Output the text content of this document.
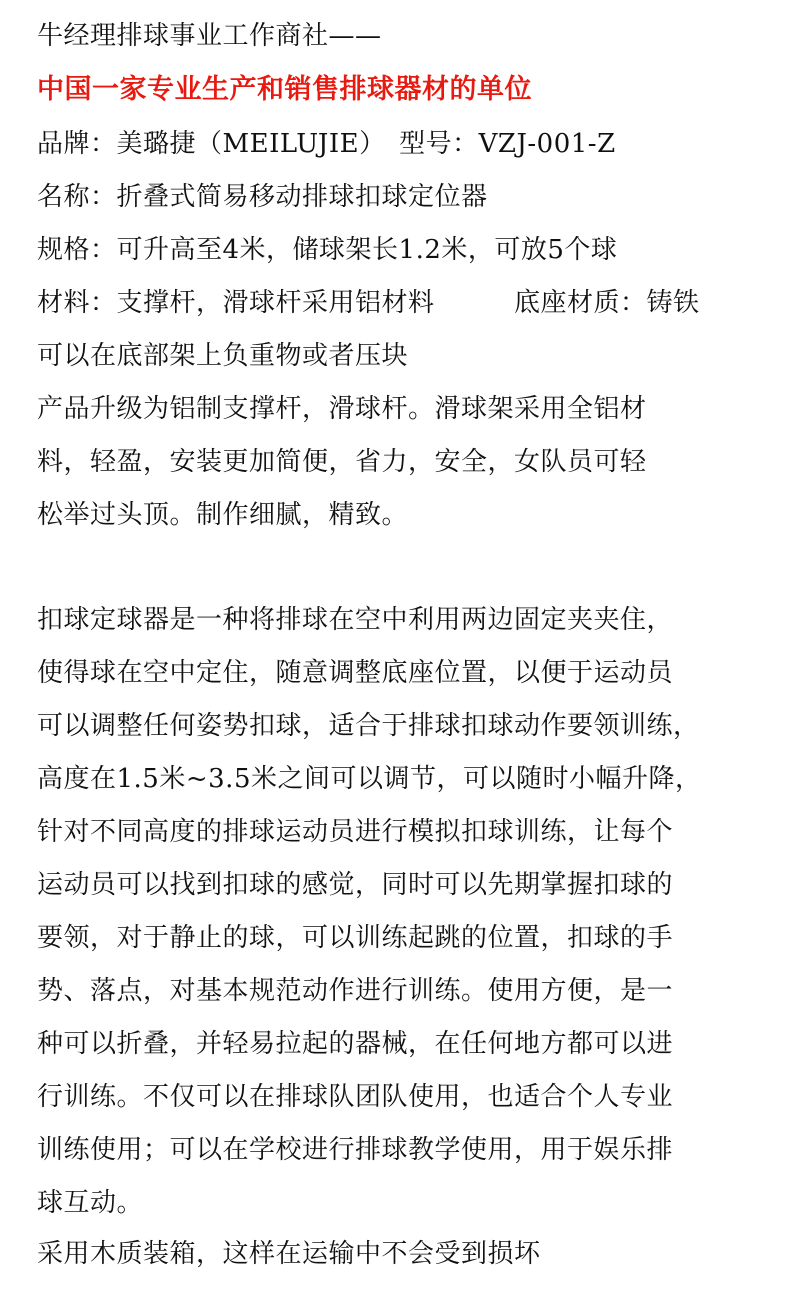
牛经理排球事业工作商社——
中国一家专业生产和销售排球器材的单位
品牌：美璐捷（MEILUJIE）　型号：VZJ-001-Z
名称：折叠式简易移动排球扣球定位器
规格：可升高至4米，储球架长1.2米，可放5个球
材料：支撑杆，滑球杆采用铝材料　　　底座材质：铸铁
可以在底部架上负重物或者压块
产品升级为铝制支撑杆，滑球杆。滑球架采用全铝材
料，轻盈，安装更加简便，省力，安全，女队员可轻
松举过头顶。制作细腻，精致。
扣球定球器是一种将排球在空中利用两边固定夹夹住，
使得球在空中定住，随意调整底座位置，以便于运动员
可以调整任何姿势扣球，适合于排球扣球动作要领训练，
高度在1.5米~3.5米之间可以调节，可以随时小幅升降，
针对不同高度的排球运动员进行模拟扣球训练，让每个
运动员可以找到扣球的感觉，同时可以先期掌握扣球的
要领，对于静止的球，可以训练起跳的位置，扣球的手
势、落点，对基本规范动作进行训练。使用方便，是一
种可以折叠，并轻易拉起的器械，在任何地方都可以进
行训练。不仅可以在排球队团队使用，也适合个人专业
训练使用；可以在学校进行排球教学使用，用于娱乐排
球互动。
采用木质装箱，这样在运输中不会受到损坏
